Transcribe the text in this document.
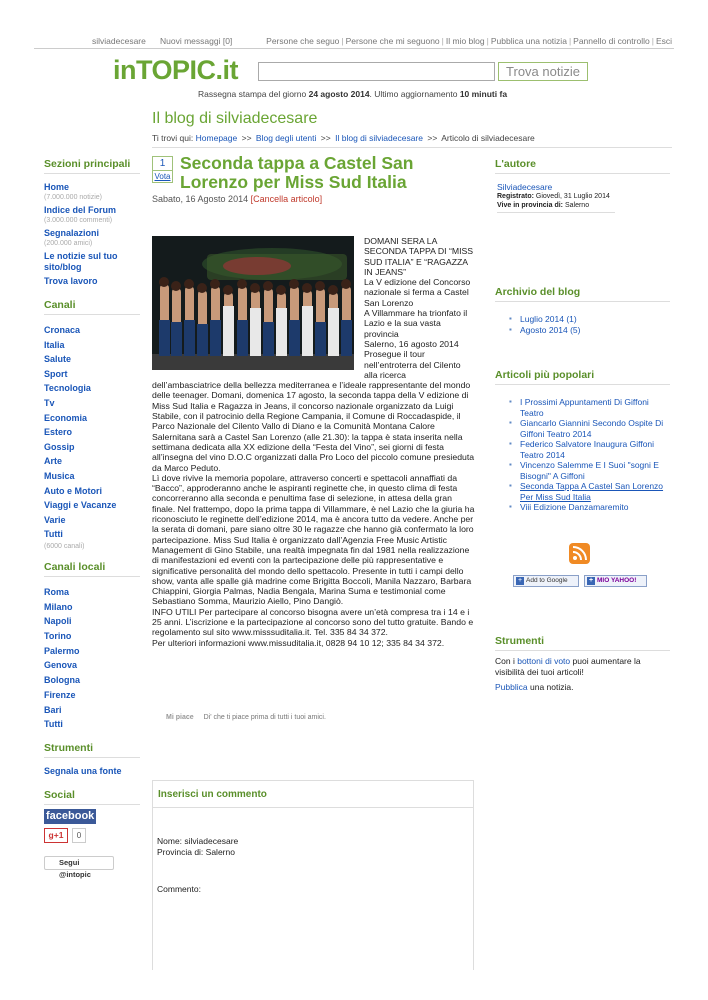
silviadecesare Nuovi messaggi [0]	Persone che seguo | Persone che mi seguono | Il mio blog | Pubblica una notizia | Pannello di controllo | Esci
inTOPIC.it	Trova notizie
Rassegna stampa del giorno 24 agosto 2014. Ultimo aggiornamento 10 minuti fa
Il blog di silviadecesare
Ti trovi qui: Homepage >> Blog degli utenti >> Il blog di silviadecesare >> Articolo di silviadecesare
Sezioni principali
Home
(7.000.000 notizie)
Indice del Forum
(3.000.000 commenti)
Segnalazioni
(200.000 amici)
Le notizie sul tuo sito/blog
Trova lavoro
Canali
Cronaca
Italia
Salute
Sport
Tecnologia
Tv
Economia
Estero
Gossip
Arte
Musica
Auto e Motori
Viaggi e Vacanze
Varie
Tutti
(6000 canali)
Canali locali
Roma
Milano
Napoli
Torino
Palermo
Genova
Bologna
Firenze
Bari
Tutti
Strumenti
Segnala una fonte
Social
facebook
g+1	0
Segui @intopic
1
Vota
Seconda tappa a Castel San Lorenzo per Miss Sud Italia
Sabato, 16 Agosto 2014 [Cancella articolo]

DOMANI SERA LA SECONDA TAPPA DI “MISS SUD ITALIA” E “RAGAZZA IN JEANS”

La V edizione del Concorso nazionale si ferma a Castel San Lorenzo

A Villammare ha trionfato il Lazio e la sua vasta provincia

Salerno, 16 agosto 2014 Prosegue il tour nell’entroterra del Cilento alla ricerca dell’ambasciatrice della bellezza mediterranea e l’ideale rappresentante del mondo delle teenager. Domani, domenica 17 agosto, la seconda tappa della V edizione di Miss Sud Italia e Ragazza in Jeans, il concorso nazionale organizzato da Luigi Stabile, con il patrocinio della Regione Campania, il Comune di Roccadaspide, il Parco Nazionale del Cilento Vallo di Diano e la Comunità Montana Calore Salernitana sarà a Castel San Lorenzo (alle 21.30): la tappa è stata inserita nella settimana dedicata alla XX edizione della “Festa del Vino”, sei giorni di festa all’insegna del vino D.O.C organizzati dalla Pro Loco del piccolo comune presieduta da Marco Peduto.

Lì dove rivive la memoria popolare, attraverso concerti e spettacoli annaffiati da “Bacco”, approderanno anche le aspiranti reginette che, in questo clima di festa concorreranno alla seconda e penultima fase di selezione, in attesa della gran finale. Nel frattempo, dopo la prima tappa di Villammare, è nel Lazio che la giuria ha riconosciuto le reginette dell’edizione 2014, ma è ancora tutto da vedere. Anche per la serata di domani, pare siano oltre 30 le ragazze che hanno già confermato la loro partecipazione. Miss Sud Italia è organizzato dall’Agenzia Free Music Artistic Management di Gino Stabile, una realtà impegnata fin dal 1981 nella realizzazione di manifestazioni ed eventi con la partecipazione delle più rappresentative e significative personalità del mondo dello spettacolo. Presente in tutti i campi dello show, vanta alle spalle già madrine come Brigitta Boccoli, Manila Nazzaro, Barbara Chiappini, Giorgia Palmas, Nadia Bengala, Marina Suma e testimonial come Sebastiano Somma, Maurizio Aiello, Pino Dangiò.

INFO UTILI Per partecipare al concorso bisogna avere un’età compresa tra i 14 e i 25 anni. L’iscrizione e la partecipazione al concorso sono del tutto gratuite. Bando e regolamento sul sito www.misssuditalia.it. Tel. 335 84 34 372.

Per ulteriori informazioni www.missuditalia.it, 0828 94 10 12; 335 84 34 372.

Mi piace Di' che ti piace prima di tutti i tuoi amici.
Inserisci un commento
Nome: silviadecesare
Provincia di: Salerno
Commento:
L'autore
Silviadecesare
Registrato: Giovedì, 31 Luglio 2014
Vive in provincia di: Salerno
Archivio del blog
▪ Luglio 2014 (1)
▪ Agosto 2014 (5)
Articoli più popolari
▪ I Prossimi Appuntamenti Di Giffoni Teatro
▪ Giancarlo Giannini Secondo Ospite Di Giffoni Teatro 2014
▪ Federico Salvatore Inaugura Giffoni Teatro 2014
▪ Vincenzo Salemme E I Suoi "sogni E Bisogni" A Giffoni
▪ Seconda Tappa A Castel San Lorenzo Per Miss Sud Italia
▪ Viii Edizione Danzamaremito
+ Add to Google	+ MIO YAHOO!
Strumenti
Con i bottoni di voto puoi aumentare la visibilità dei tuoi articoli!
Pubblica una notizia.
